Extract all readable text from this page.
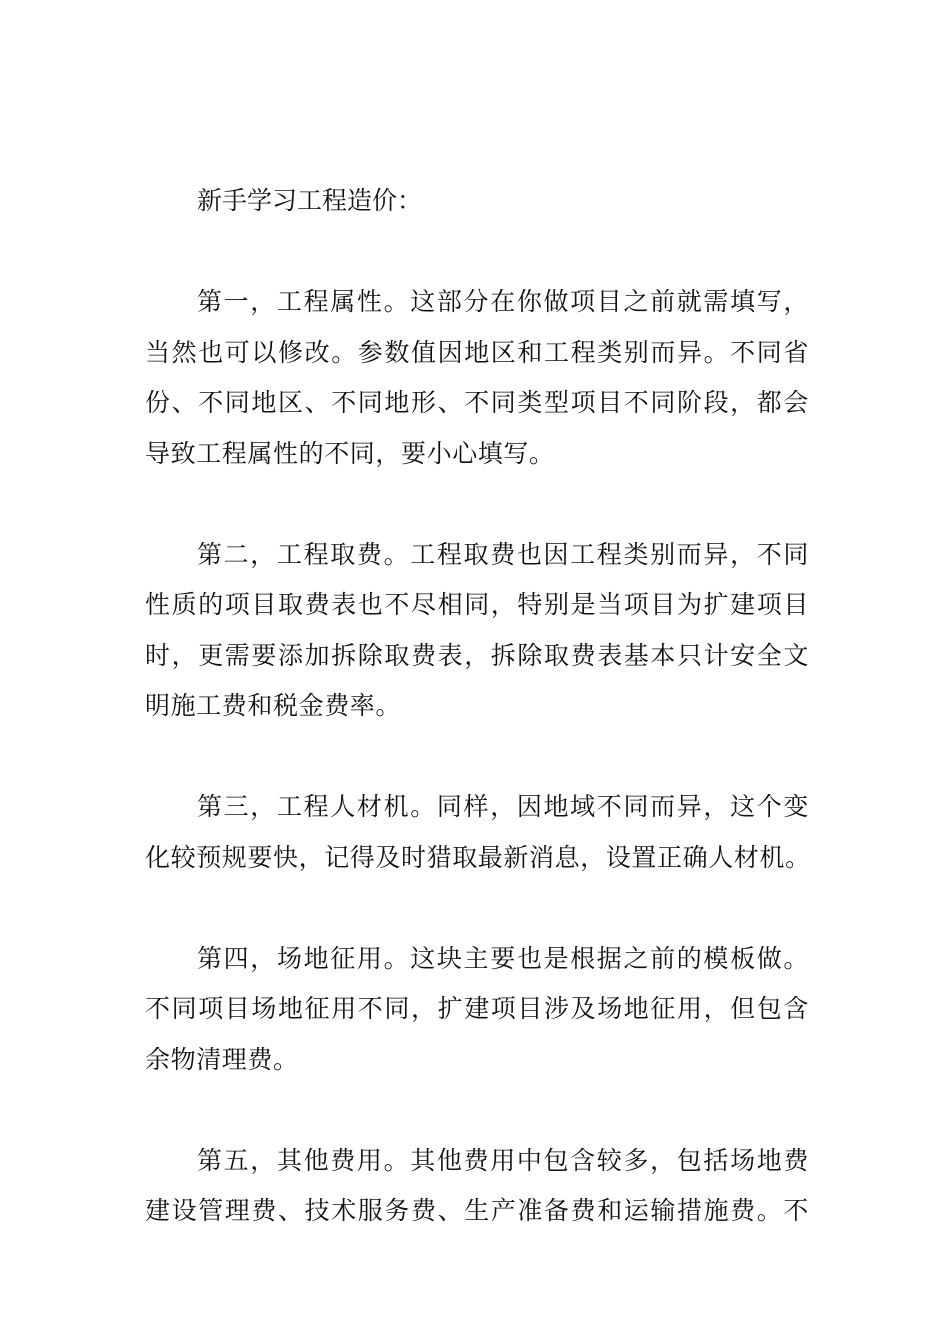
新手学习工程造价：
第一，工程属性。这部分在你做项目之前就需填写，
当然也可以修改。参数值因地区和工程类别而异。不同省
份、不同地区、不同地形、不同类型项目不同阶段，都会
导致工程属性的不同，要小心填写。
第二，工程取费。工程取费也因工程类别而异，不同
性质的项目取费表也不尽相同，特别是当项目为扩建项目
时，更需要添加拆除取费表，拆除取费表基本只计安全文
明施工费和税金费率。
第三，工程人材机。同样，因地域不同而异，这个变
化较预规要快，记得及时猎取最新消息，设置正确人材机。
第四，场地征用。这块主要也是根据之前的模板做。
不同项目场地征用不同，扩建项目涉及场地征用，但包含
余物清理费。
第五，其他费用。其他费用中包含较多，包括场地费
建设管理费、技术服务费、生产准备费和运输措施费。不
